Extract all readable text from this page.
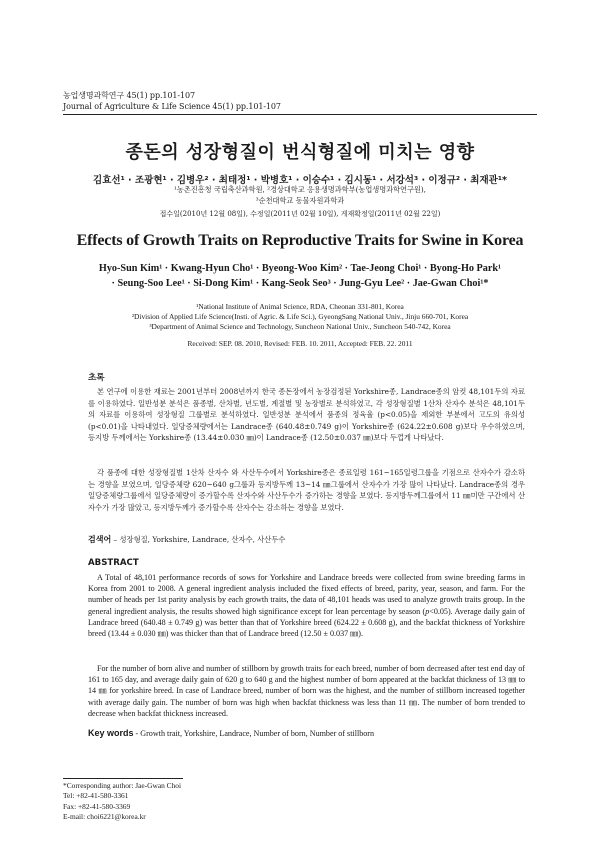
농업생명과학연구 45(1) pp.101-107
Journal of Agriculture & Life Science 45(1) pp.101-107
종돈의 성장형질이 번식형질에 미치는 영향
김효선¹ · 조광현¹ · 김병우² · 최태정¹ · 박병호¹ · 이승수¹ · 김시동¹ · 서강석³ · 이정규² · 최재관¹*
¹농촌진흥청 국립축산과학원, ²경상대학교 응용생명과학부(농업생명과학연구원),
³순천대학교 동물자원과학과
접수일(2010년 12월 08일), 수정일(2011년 02월 10일), 게재확정일(2011년 02월 22일)
Effects of Growth Traits on Reproductive Traits for Swine in Korea
Hyo-Sun Kim¹ · Kwang-Hyun Cho¹ · Byeong-Woo Kim² · Tae-Jeong Choi¹ · Byong-Ho Park¹
· Seung-Soo Lee¹ · Si-Dong Kim¹ · Kang-Seok Seo³ · Jung-Gyu Lee² · Jae-Gwan Choi¹*
¹National Institute of Animal Science, RDA, Cheonan 331-801, Korea
²Division of Applied Life Science(Insti. of Agric. & Life Sci.), GyeongSang National Univ., Jinju 660-701, Korea
³Department of Animal Science and Technology, Suncheon National Univ., Suncheon 540-742, Korea
Received: SEP. 08. 2010, Revised: FEB. 10. 2011, Accepted: FEB. 22. 2011
초록

본 연구에 이용한 재료는 2001년부터 2008년까지 한국 종돈장에서 농장검정된 Yorkshire종, Landrace종의 암컷 48,101두의 자료를 이용하였다. 일반성분 분석은 품종별, 산차별, 년도별, 계절별 및 농장별로 분석하였고, 각 성장형질별 1산차 산자수 분석은 48,101두의 자료를 이용하여 성장형질 그룹별로 분석하였다. 일반성분 분석에서 품종의 정육율 (p<0.05)을 제외한 부분에서 고도의 유의성(p<0.01)을 나타내었다. 일당증체량에서는 Landrace종 (640.48±0.749 g)이 Yorkshire종 (624.22±0.608 g)보다 우수하였으며, 등지방 두께에서는 Yorkshire종 (13.44±0.030 ㎜)이 Landrace종 (12.50±0.037 ㎜)보다 두껍게 나타났다.

각 품종에 대한 성장형질별 1산차 산자수 와 사산두수에서 Yorkshire종은 종료일령 161~165일령그룹을 기점으로 산자수가 감소하는 경향을 보였으며, 일당증체량 620~640 g그룹과 등지방두께 13~14 ㎜그룹에서 산자수가 가장 많이 나타났다. Landrace종의 경우 일당증체량그룹에서 일당증체량이 증가할수록 산자수와 사산두수가 증가하는 경향을 보였다. 등지방두께그룹에서 11 ㎜미만 구간에서 산자수가 가장 많았고, 등지방두께가 증가할수록 산자수는 감소하는 경향을 보였다.

검색어 – 성장형질, Yorkshire, Landrace, 산자수, 사산두수
ABSTRACT

A Total of 48,101 performance records of sows for Yorkshire and Landrace breeds were collected from swine breeding farms in Korea from 2001 to 2008. A general ingredient analysis included the fixed effects of breed, parity, year, season, and farm. For the number of heads per 1st parity analysis by each growth traits, the data of 48,101 heads was used to analyze growth traits group. In the general ingredient analysis, the results showed high significance except for lean percentage by season (p<0.05). Average daily gain of Landrace breed (640.48 ± 0.749 g) was better than that of Yorkshire breed (624.22 ± 0.608 g), and the backfat thickness of Yorkshire breed (13.44 ± 0.030 ㎜) was thicker than that of Landrace breed (12.50 ± 0.037 ㎜).

For the number of born alive and number of stillborn by growth traits for each breed, number of born decreased after test end day of 161 to 165 day, and average daily gain of 620 g to 640 g and the highest number of born appeared at the backfat thickness of 13 ㎜ to 14 ㎜ for yorkshire breed. In case of Landrace breed, number of born was the highest, and the number of stillborn increased together with average daily gain. The number of born was high when backfat thickness was less than 11 ㎜. The number of born trended to decrease when backfat thickness increased.

Key words - Growth trait, Yorkshire, Landrace, Number of born, Number of stillborn
*Corresponding author: Jae-Gwan Choi
Tel: +82-41-580-3361
Fax: +82-41-580-3369
E-mail: choi6221@korea.kr
